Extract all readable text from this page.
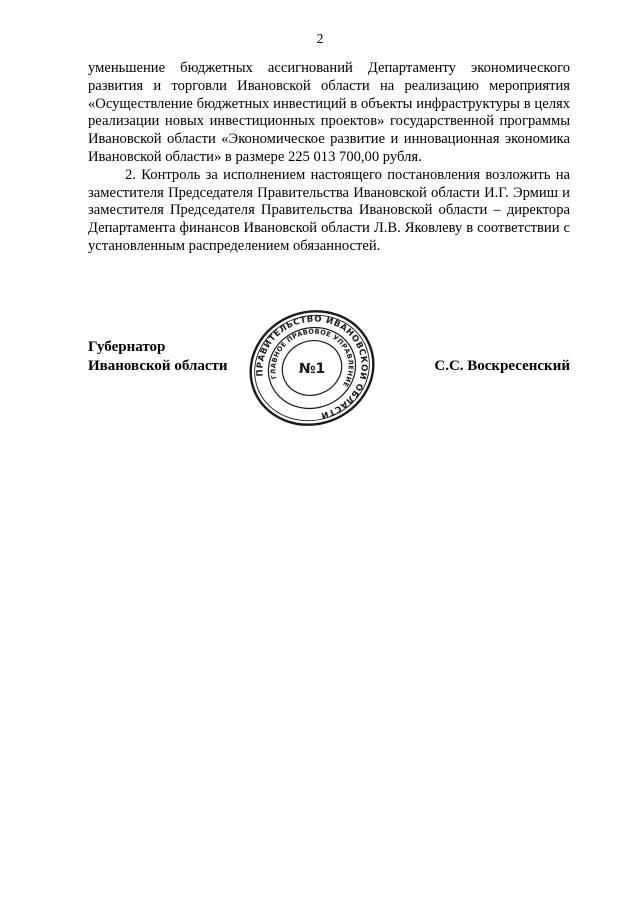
2

уменьшение бюджетных ассигнований Департаменту экономического развития и торговли Ивановской области на реализацию мероприятия «Осуществление бюджетных инвестиций в объекты инфраструктуры в целях реализации новых инвестиционных проектов» государственной программы Ивановской области «Экономическое развитие и инновационная экономика Ивановской области» в размере 225 013 700,00 рубля.

2. Контроль за исполнением настоящего постановления возложить на заместителя Председателя Правительства Ивановской области И.Г. Эрмиш и заместителя Председателя Правительства Ивановской области – директора Департамента финансов Ивановской области Л.В. Яковлеву в соответствии с установленным распределением обязанностей.

Губернатор
Ивановской области	ПРАВИТЕЛЬСТВО ИВАНОВСКОЙ ОБЛАСТИ
ГЛАВНОЕ ПРАВОВОЕ УПРАВЛЕНИЕ
№1	С.С. Воскресенский
